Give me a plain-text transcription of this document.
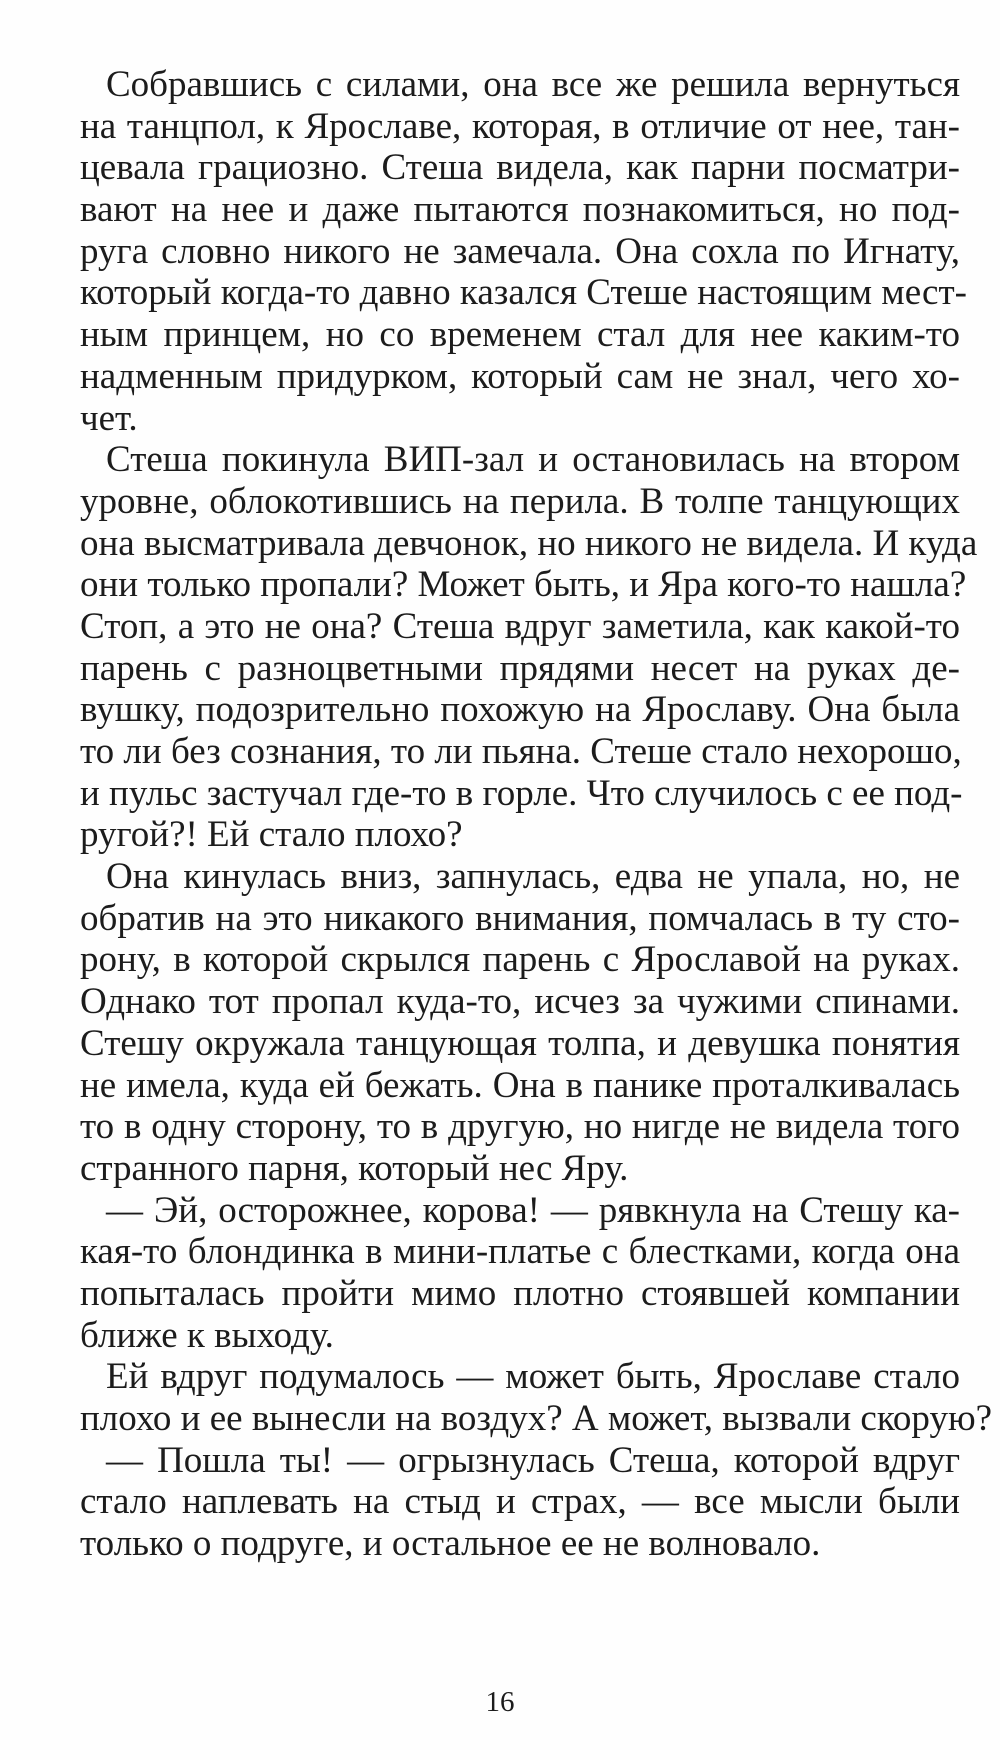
Собравшись с силами, она все же решила вернуться
на танцпол, к Ярославе, которая, в отличие от нее, тан-
цевала грациозно. Стеша видела, как парни посматри-
вают на нее и даже пытаются познакомиться, но под-
руга словно никого не замечала. Она сохла по Игнату,
который когда-то давно казался Стеше настоящим мест-
ным принцем, но со временем стал для нее каким-то
надменным придурком, который сам не знал, чего хо-
чет.

Стеша покинула ВИП-зал и остановилась на втором
уровне, облокотившись на перила. В толпе танцующих
она высматривала девчонок, но никого не видела. И куда
они только пропали? Может быть, и Яра кого-то нашла?
Стоп, а это не она? Стеша вдруг заметила, как какой-то
парень с разноцветными прядями несет на руках де-
вушку, подозрительно похожую на Ярославу. Она была
то ли без сознания, то ли пьяна. Стеше стало нехорошо,
и пульс застучал где-то в горле. Что случилось с ее под-
ругой?! Ей стало плохо?

Она кинулась вниз, запнулась, едва не упала, но, не
обратив на это никакого внимания, помчалась в ту сто-
рону, в которой скрылся парень с Ярославой на руках.
Однако тот пропал куда-то, исчез за чужими спинами.
Стешу окружала танцующая толпа, и девушка понятия
не имела, куда ей бежать. Она в панике проталкивалась
то в одну сторону, то в другую, но нигде не видела того
странного парня, который нес Яру.

— Эй, осторожнее, корова! — рявкнула на Стешу ка-
кая-то блондинка в мини-платье с блестками, когда она
попыталась пройти мимо плотно стоявшей компании
ближе к выходу.

Ей вдруг подумалось — может быть, Ярославе стало
плохо и ее вынесли на воздух? А может, вызвали скорую?

— Пошла ты! — огрызнулась Стеша, которой вдруг
стало наплевать на стыд и страх, — все мысли были
только о подруге, и остальное ее не волновало.

16
